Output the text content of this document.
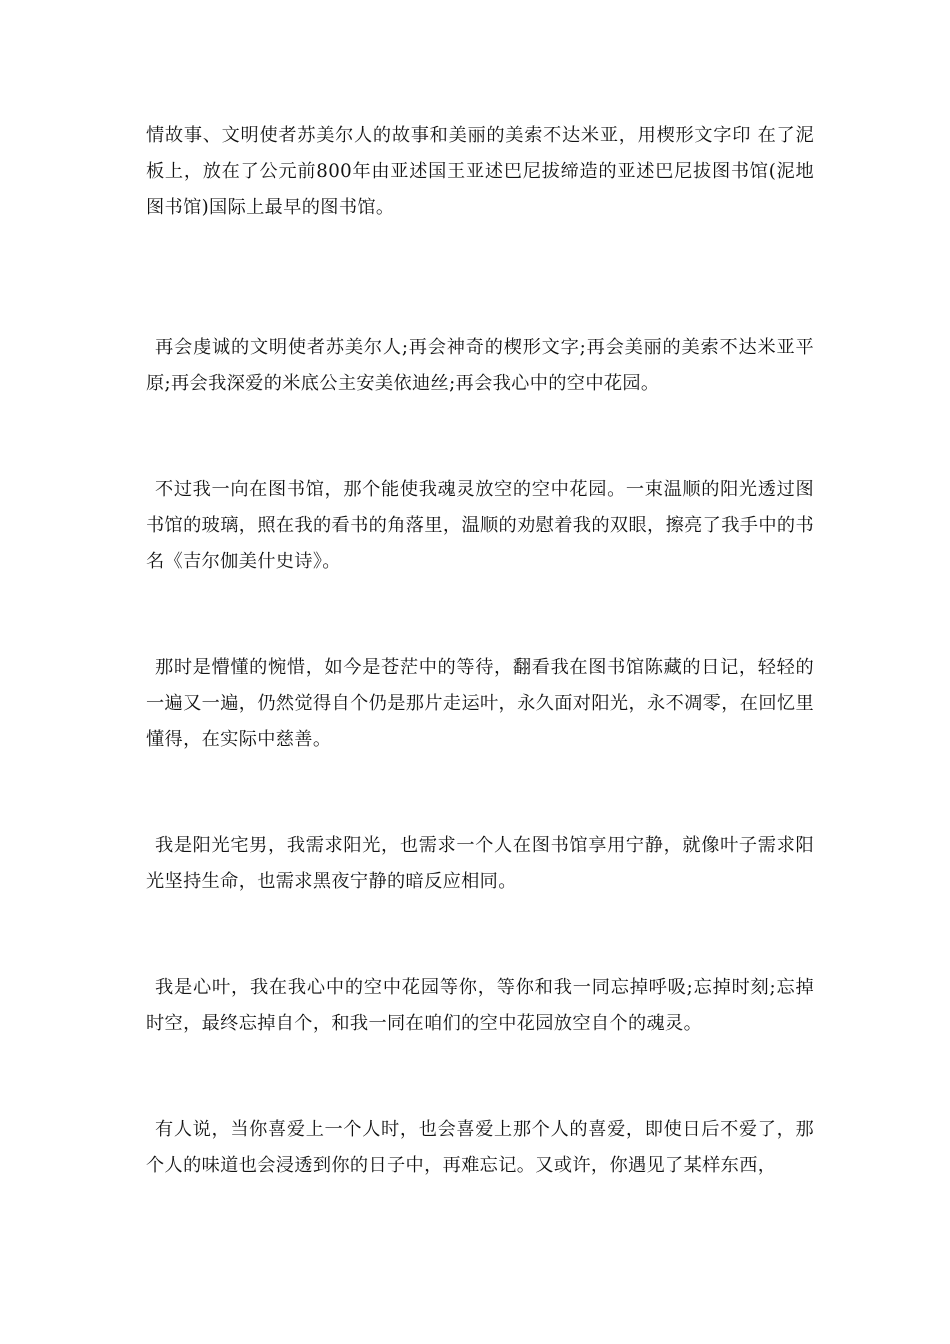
情故事、文明使者苏美尔人的故事和美丽的美索不达米亚，用楔形文字印 在了泥板上，放在了公元前800年由亚述国王亚述巴尼拔缔造的亚述巴尼拔图书馆(泥地图书馆)国际上最早的图书馆。

再会虔诚的文明使者苏美尔人;再会神奇的楔形文字;再会美丽的美索不达米亚平原;再会我深爱的米底公主安美依迪丝;再会我心中的空中花园。

不过我一向在图书馆，那个能使我魂灵放空的空中花园。一束温顺的阳光透过图书馆的玻璃，照在我的看书的角落里，温顺的劝慰着我的双眼，擦亮了我手中的书名《吉尔伽美什史诗》。

那时是懵懂的惋惜，如今是苍茫中的等待，翻看我在图书馆陈藏的日记，轻轻的一遍又一遍，仍然觉得自个仍是那片走运叶，永久面对阳光，永不凋零，在回忆里懂得，在实际中慈善。

我是阳光宅男，我需求阳光，也需求一个人在图书馆享用宁静，就像叶子需求阳光坚持生命，也需求黑夜宁静的暗反应相同。

我是心叶，我在我心中的空中花园等你，等你和我一同忘掉呼吸;忘掉时刻;忘掉时空，最终忘掉自个，和我一同在咱们的空中花园放空自个的魂灵。

有人说，当你喜爱上一个人时，也会喜爱上那个人的喜爱，即使日后不爱了，那个人的味道也会浸透到你的日子中，再难忘记。又或许，你遇见了某样东西，
